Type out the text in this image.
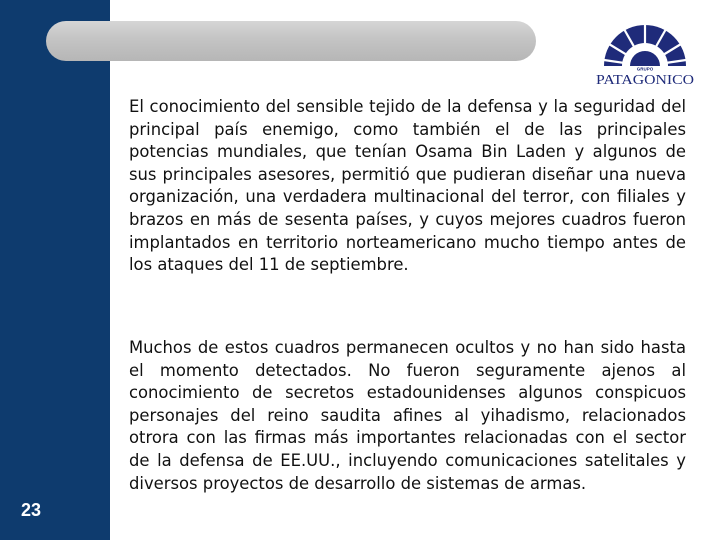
23
GRUPO
PATAGONICO

El conocimiento del sensible tejido de la defensa y la seguridad del principal país enemigo, como también el de las principales potencias mundiales, que tenían Osama Bin Laden y algunos de sus principales asesores, permitió que pudieran diseñar una nueva organización, una verdadera multinacional del terror, con filiales y brazos en más de sesenta países, y cuyos mejores cuadros fueron implantados en territorio norteamericano mucho tiempo antes de los ataques del 11 de septiembre.

Muchos de estos cuadros permanecen ocultos y no han sido hasta el momento detectados. No fueron seguramente ajenos al conocimiento de secretos estadounidenses algunos conspicuos personajes del reino saudita afines al yihadismo, relacionados otrora con las firmas más importantes relacionadas con el sector de la defensa de EE.UU., incluyendo comunicaciones satelitales y diversos proyectos de desarrollo de sistemas de armas.
